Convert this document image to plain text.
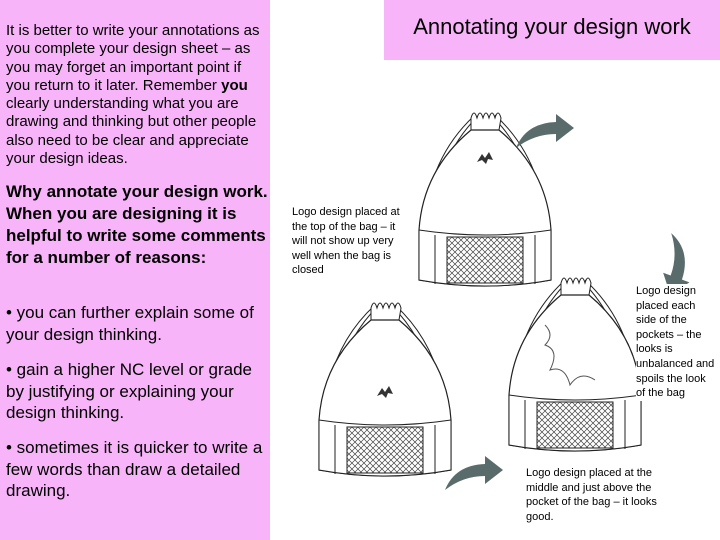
It is better to write your annotations as you complete your design sheet – as you may forget an important point if you return to it later. Remember you clearly understanding what you are drawing and thinking but other people also need to be clear and appreciate your design ideas.
Why annotate your design work.
When you are designing it is helpful to write some comments for a number of reasons:
• you can further explain some of your design thinking.
• gain a higher NC level or grade by justifying or explaining your design thinking.
• sometimes it is quicker to write a few words than draw a detailed drawing.
Annotating your design work
Logo design placed at the top of the bag – it will not show up very well when the bag is closed
Logo design placed each side of the pockets – the looks is unbalanced and spoils the look of the bag
Logo design placed at the middle and just above the pocket of the bag – it looks good.
